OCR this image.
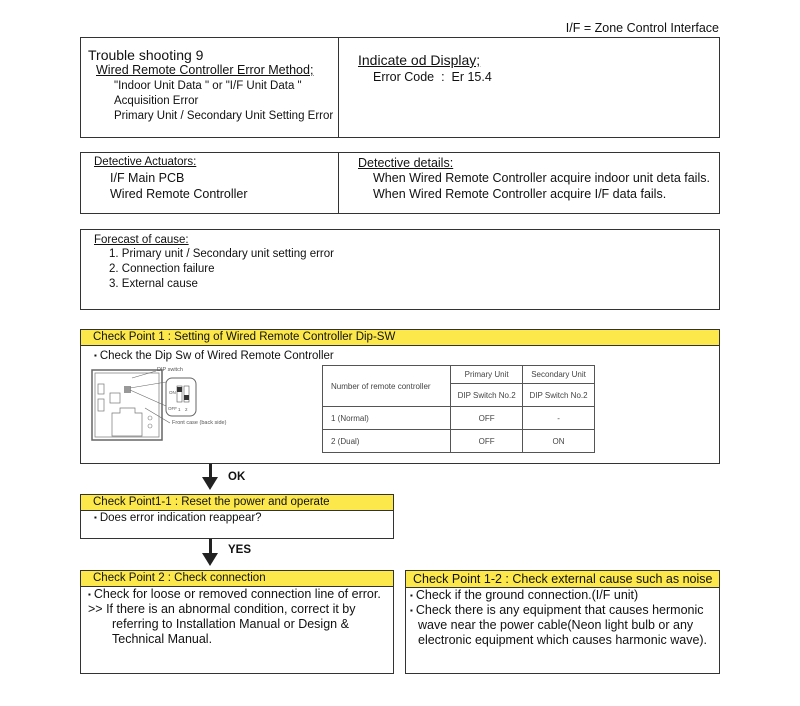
I/F = Zone Control Interface
Trouble shooting 9
Wired Remote Controller Error Method;
"Indoor Unit Data " or "I/F Unit Data "
Acquisition Error
Primary Unit / Secondary Unit Setting Error
Indicate od Display;
Error Code  :  Er 15.4
Detective Actuators:
I/F Main PCB
Wired Remote Controller
Detective details:
When Wired Remote Controller acquire indoor unit deta fails.
When Wired Remote Controller acquire I/F data fails.
Forecast of cause:
1. Primary unit / Secondary unit setting error
2. Connection failure
3. External cause
Check Point 1 : Setting of Wired Remote Controller Dip-SW
▪ Check the Dip Sw of Wired Remote Controller
DIP switch
ON
OFF 1 2
Front case (back side)
Number of remote controller	Primary Unit	Secondary Unit
	DIP Switch No.2	DIP Switch No.2
1 (Normal)	OFF	-
2 (Dual)	OFF	ON
OK
Check Point1-1 : Reset the power and operate
▪ Does error indication reappear?
YES
Check Point 2 : Check connection
▪ Check for loose or removed connection line of error.
>> If there is an abnormal condition, correct it by
referring to Installation Manual or Design &
Technical Manual.
Check Point 1-2 : Check external cause such as noise
▪ Check if the ground connection.(I/F unit)
▪ Check there is any equipment that causes hermonic
wave near the power cable(Neon light bulb or any
electronic equipment which causes harmonic wave).
